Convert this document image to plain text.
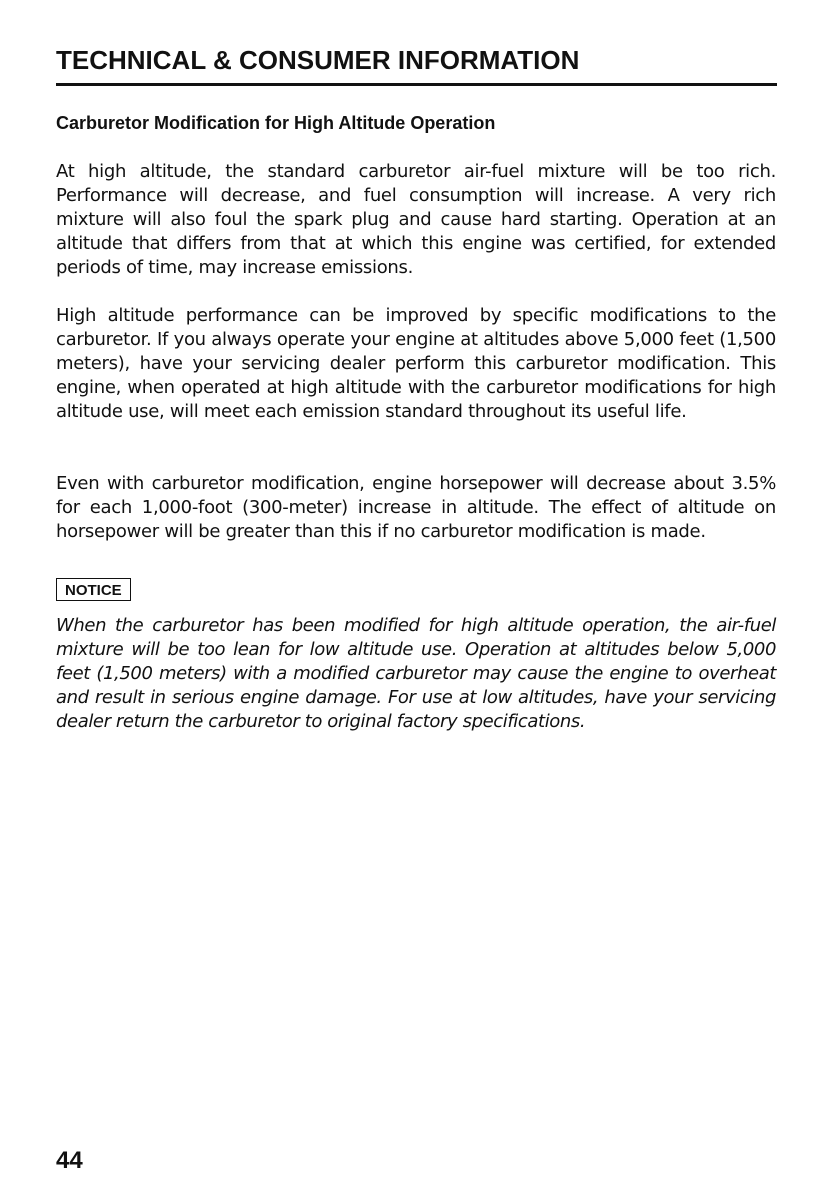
TECHNICAL & CONSUMER INFORMATION
Carburetor Modification for High Altitude Operation

At high altitude, the standard carburetor air-fuel mixture will be too rich. Performance will decrease, and fuel consumption will increase. A very rich mixture will also foul the spark plug and cause hard starting. Operation at an altitude that differs from that at which this engine was certified, for extended periods of time, may increase emissions.

High altitude performance can be improved by specific modifications to the carburetor. If you always operate your engine at altitudes above 5,000 feet (1,500 meters), have your servicing dealer perform this carburetor modification. This engine, when operated at high altitude with the carburetor modifications for high altitude use, will meet each emission standard throughout its useful life.

Even with carburetor modification, engine horsepower will decrease about 3.5% for each 1,000-foot (300-meter) increase in altitude. The effect of altitude on horsepower will be greater than this if no carburetor modification is made.

NOTICE

When the carburetor has been modified for high altitude operation, the air-fuel mixture will be too lean for low altitude use. Operation at altitudes below 5,000 feet (1,500 meters) with a modified carburetor may cause the engine to overheat and result in serious engine damage. For use at low altitudes, have your servicing dealer return the carburetor to original factory specifications.

44
